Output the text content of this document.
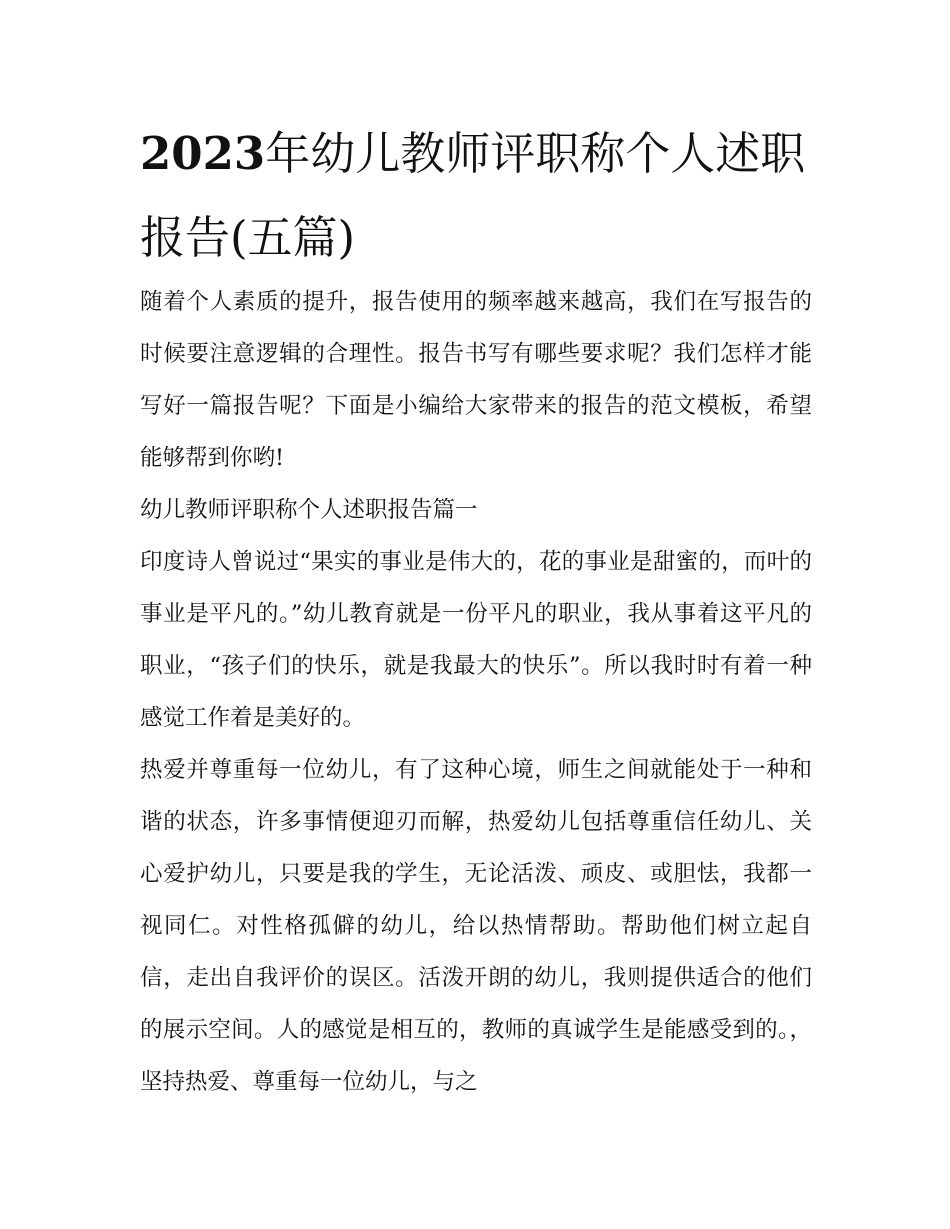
2023年幼儿教师评职称个人述职报告(五篇)

随着个人素质的提升，报告使用的频率越来越高，我们在写报告的时候要注意逻辑的合理性。报告书写有哪些要求呢？我们怎样才能写好一篇报告呢？下面是小编给大家带来的报告的范文模板，希望能够帮到你哟!

幼儿教师评职称个人述职报告篇一

印度诗人曾说过“果实的事业是伟大的，花的事业是甜蜜的，而叶的事业是平凡的。”幼儿教育就是一份平凡的职业，我从事着这平凡的职业，“孩子们的快乐，就是我最大的快乐”。所以我时时有着一种感觉工作着是美好的。

热爱并尊重每一位幼儿，有了这种心境，师生之间就能处于一种和谐的状态，许多事情便迎刃而解，热爱幼儿包括尊重信任幼儿、关心爱护幼儿，只要是我的学生，无论活泼、顽皮、或胆怯，我都一视同仁。对性格孤僻的幼儿，给以热情帮助。帮助他们树立起自信，走出自我评价的误区。活泼开朗的幼儿，我则提供适合的他们的展示空间。人的感觉是相互的，教师的真诚学生是能感受到的。，坚持热爱、尊重每一位幼儿，与之
